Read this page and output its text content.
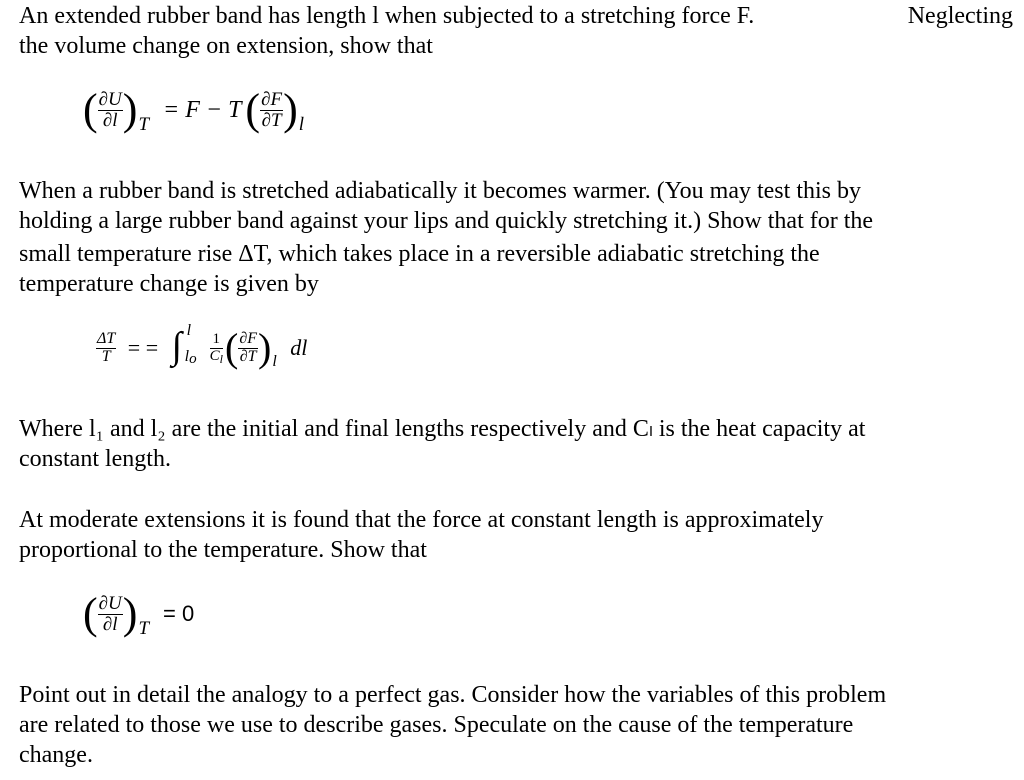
An extended rubber band has length l when subjected to a stretching force F.	Neglecting
the volume change on extension, show that
( $\frac{\partial U}{\partial l} )T = F - T( \frac{\partial F}{\partial T} )l$
When a rubber band is stretched adiabatically it becomes warmer. (You may test this by
holding a large rubber band against your lips and quickly stretching it.) Show that for the
small temperature rise ΔT, which takes place in a reversible adiabatic stretching the
temperature change is given by
$\frac{\Delta T}{T}$ = = ∫ l
lo $\frac{1}{C_l}$ ( $\frac{\partial F}{\partial T} )l$ dl
Where l₁ and l₂ are the initial and final lengths respectively and Cₗ is the heat capacity at
constant length.
At moderate extensions it is found that the force at constant length is approximately
proportional to the temperature. Show that
( $\frac{\partial U}{\partial l} )T = 0$
Point out in detail the analogy to a perfect gas. Consider how the variables of this problem
are related to those we use to describe gases. Speculate on the cause of the temperature
change.
